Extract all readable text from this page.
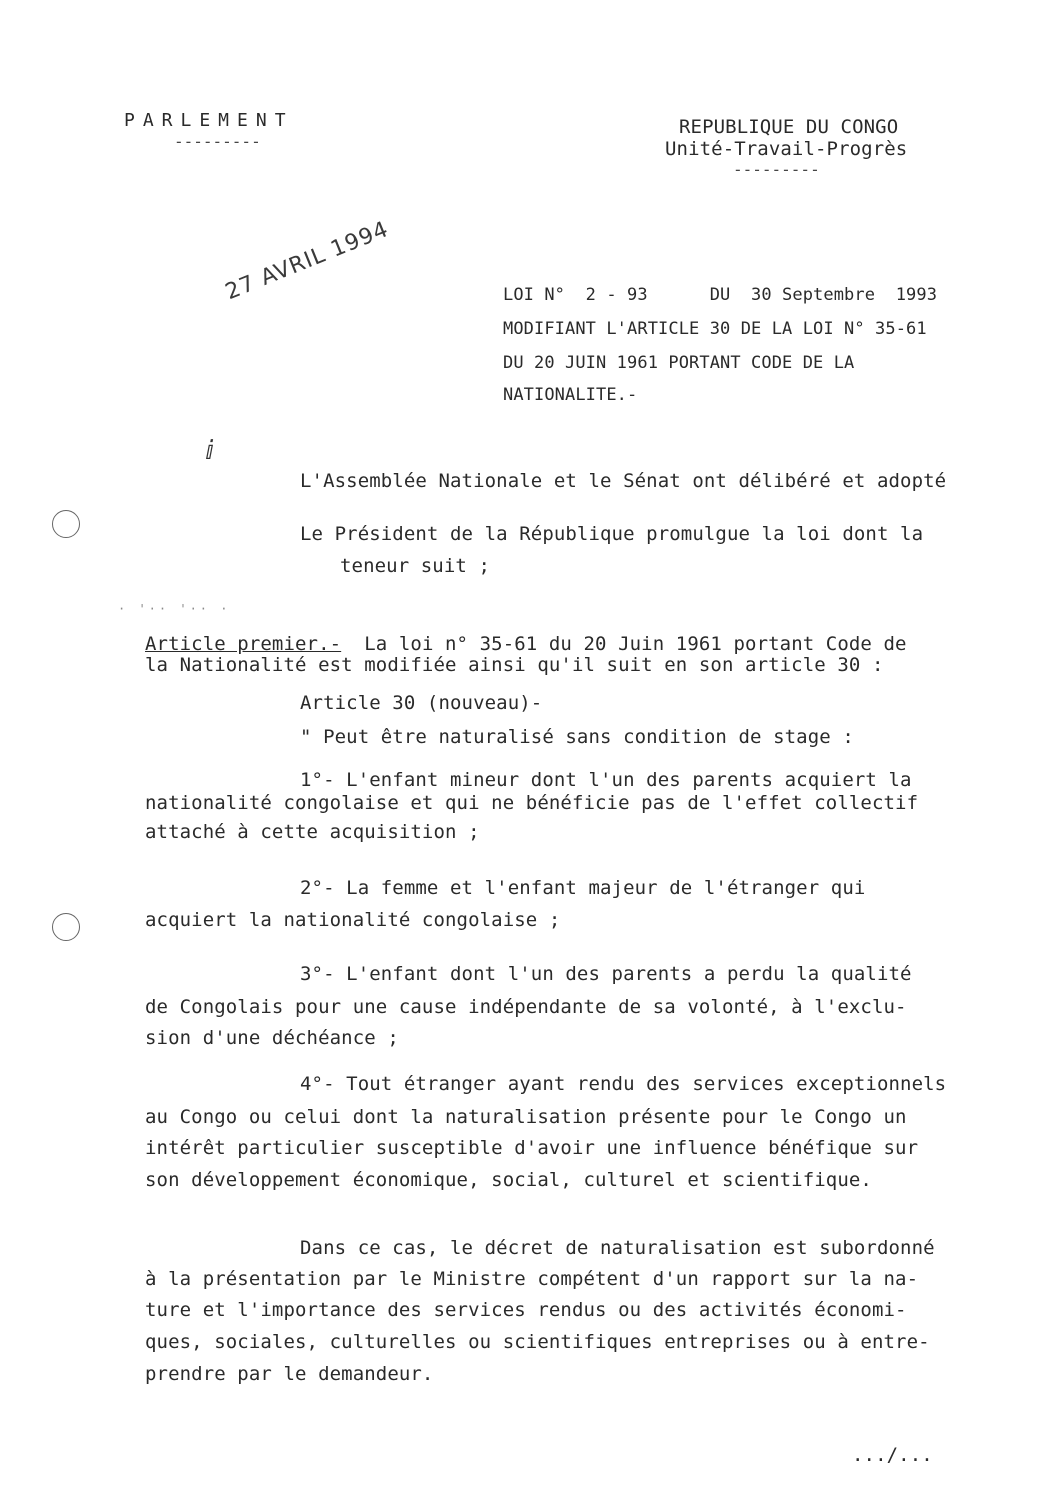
PARLEMENT
---------
REPUBLIQUE DU CONGO
Unité-Travail-Progrès
---------
27 AVRIL 1994	LOI N°  2 - 93      DU  30 Septembre  1993
MODIFIANT L'ARTICLE 30 DE LA LOI N° 35-61
DU 20 JUIN 1961 PORTANT CODE DE LA
NATIONALITE.-
ⅈ
· '·· '·· ·
L'Assemblée Nationale et le Sénat ont délibéré et adopté
Le Président de la République promulgue la loi dont la
teneur suit ;
Article premier.-  La loi n° 35-61 du 20 Juin 1961 portant Code de
la Nationalité est modifiée ainsi qu'il suit en son article 30 :
Article 30 (nouveau)-
" Peut être naturalisé sans condition de stage :
1°- L'enfant mineur dont l'un des parents acquiert la
nationalité congolaise et qui ne bénéficie pas de l'effet collectif
attaché à cette acquisition ;
2°- La femme et l'enfant majeur de l'étranger qui
acquiert la nationalité congolaise ;
3°- L'enfant dont l'un des parents a perdu la qualité
de Congolais pour une cause indépendante de sa volonté, à l'exclu-
sion d'une déchéance ;
4°- Tout étranger ayant rendu des services exceptionnels
au Congo ou celui dont la naturalisation présente pour le Congo un
intérêt particulier susceptible d'avoir une influence bénéfique sur
son développement économique, social, culturel et scientifique.
Dans ce cas, le décret de naturalisation est subordonné
à la présentation par le Ministre compétent d'un rapport sur la na-
ture et l'importance des services rendus ou des activités économi-
ques, sociales, culturelles ou scientifiques entreprises ou à entre-
prendre par le demandeur.
.../...
